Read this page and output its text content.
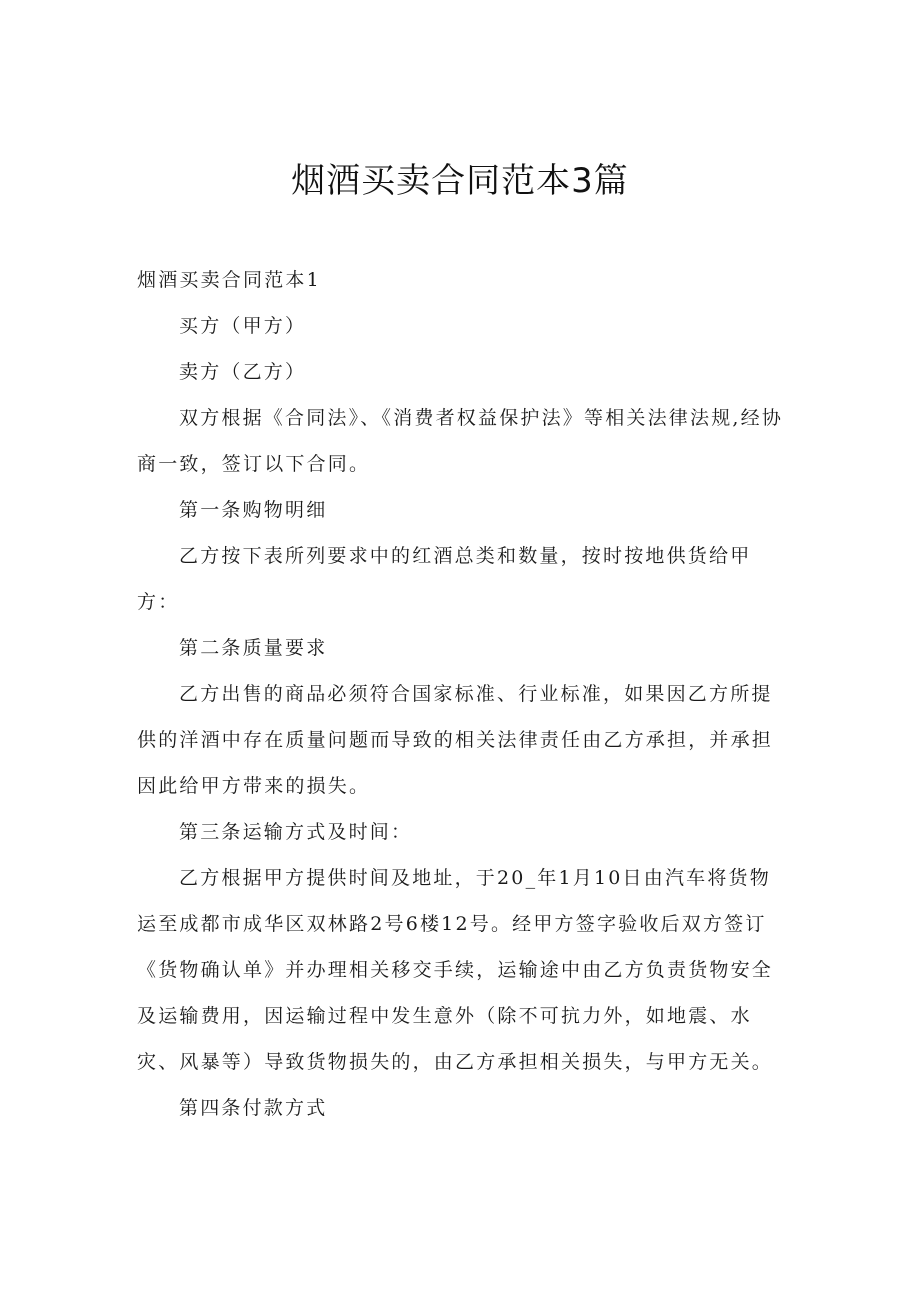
烟酒买卖合同范本3篇

烟酒买卖合同范本1

买方（甲方）

卖方（乙方）

双方根据《合同法》、《消费者权益保护法》等相关法律法规,经协商一致，签订以下合同。

第一条购物明细

乙方按下表所列要求中的红酒总类和数量，按时按地供货给甲方：

第二条质量要求

乙方出售的商品必须符合国家标准、行业标准，如果因乙方所提供的洋酒中存在质量问题而导致的相关法律责任由乙方承担，并承担因此给甲方带来的损失。

第三条运输方式及时间：

乙方根据甲方提供时间及地址，于20_年1月10日由汽车将货物运至成都市成华区双林路2号6楼12号。经甲方签字验收后双方签订《货物确认单》并办理相关移交手续，运输途中由乙方负责货物安全及运输费用，因运输过程中发生意外（除不可抗力外，如地震、水灾、风暴等）导致货物损失的，由乙方承担相关损失，与甲方无关。

第四条付款方式
